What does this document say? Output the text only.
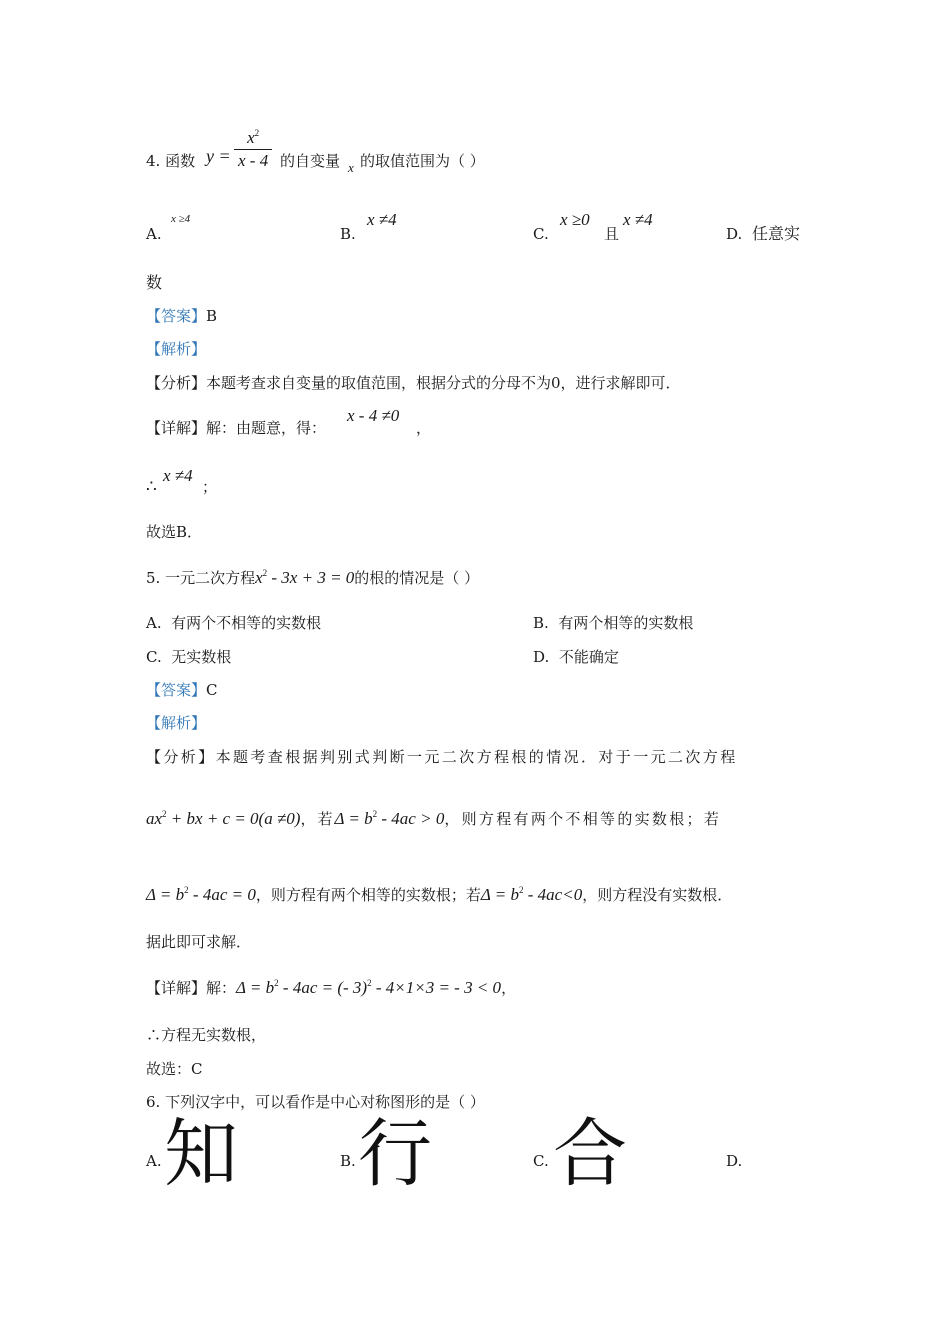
4. 函数 y =
$x^2$
x - 4 的自变量 x 的取值范围为（ ）
A.
x ≥4
B.
x ≠4
C.
x ≥0
且
x ≠4
D. 任意实
数
【答案】B
【解析】
【分析】本题考查求自变量的取值范围，根据分式的分母不为0，进行求解即可．
【详解】解：由题意，得：
x - 4 ≠0
，
∴
x ≠4
；
故选B．
5. 一元二次方程$x^2 - 3x + 3 = 0$的根的情况是（ ）
A. 有两个不相等的实数根	B. 有两个相等的实数根
C. 无实数根	D. 不能确定
【答案】C
【解析】
【分析】本题考查根据判别式判断一元二次方程根的情况．对于一元二次方程
$ax^2$ + bx + c = 0(a ≠0)，若$\Delta = b^2 - 4ac > 0$，则方程有两个不相等的实数根；若
$\Delta = b^2 - 4ac = 0$，则方程有两个相等的实数根；若$\Delta = b^2 - 4ac<0$，则方程没有实数根．
据此即可求解．
【详解】解：$\Delta = b^2 - 4ac$ = (- 3)$^2$ - 4×1×3 = - 3 < 0，
∴方程无实数根，
故选：C
6. 下列汉字中，可以看作是中心对称图形的是（ ）
A. 知	B. 行	C. 合	D.
